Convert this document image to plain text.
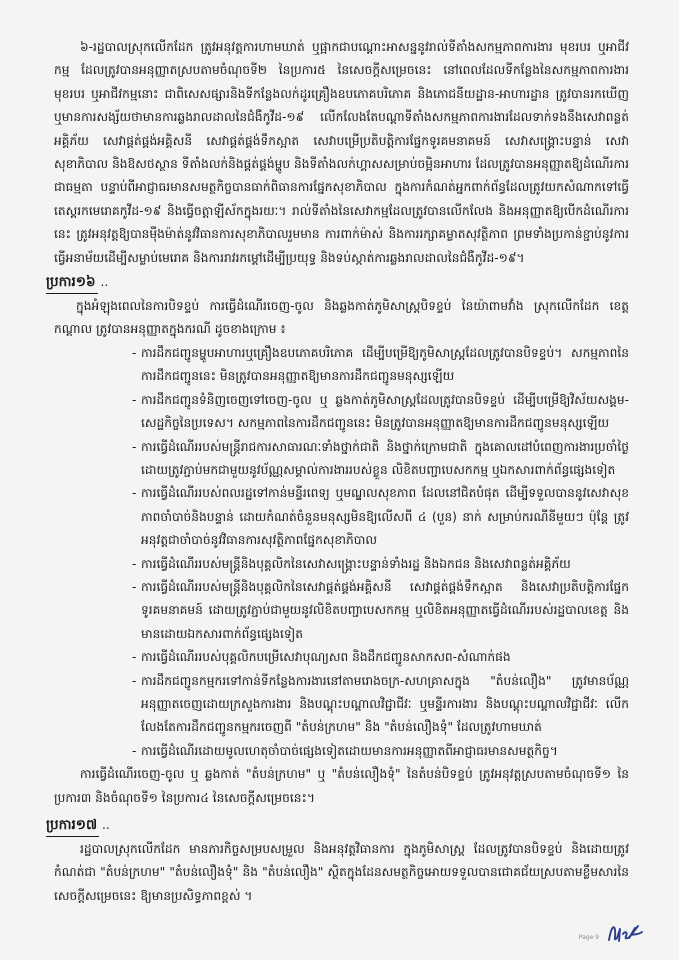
៦-រដ្ឋបាលស្រុកលើកដែក ត្រូវអនុវត្តការហាមឃាត់ ឬផ្អាកជាបណ្ដោះអាសន្ននូវរាល់ទីតាំងសកម្មភាពការងារ មុខរបរ ឬអាជីវកម្ម ដែលត្រូវបានអនុញ្ញាតស្របតាមចំណុចទី២ នៃប្រការ៥ នៃសេចក្ដីសម្រេចនេះ នៅពេលដែលទីកន្លែងនៃសកម្មភាពការងារ មុខរបរ ឬអាជីវកម្មនោះ ជាពិសេសផ្សារនិងទីកន្លែងលក់ដូរគ្រឿងឧបភោគបរិភោគ និងភោជនីយដ្ឋាន-អាហារដ្ឋាន ត្រូវបានរកឃើញ ឬមានការសង្ស័យថាមានការឆ្លងរាលដាលនៃជំងឺកូវីដ-១៩ លើកលែងតែបណ្ដាទីតាំងសកម្មភាពការងារដែលទាក់ទងនឹងសេវាពន្លត់អគ្គិភ័យ សេវាផ្គត់ផ្គង់អគ្គិសនី សេវាផ្គត់ផ្គង់ទឹកស្អាត សេវាបម្រើប្រតិបត្តិការផ្នែកទូរគមនាគមន៍ សេវាសង្គ្រោះបន្ទាន់ សេវាសុខាភិបាល និងឱសថស្ថាន ទីតាំងលក់និងផ្គត់ផ្គង់ម្ហូប និងទីតាំងលក់ហ្គាសសម្រាប់ចម្អិនអាហារ ដែលត្រូវបានអនុញ្ញាតឱ្យដំណើរការជាធម្មតា បន្ទាប់ពីអាជ្ញាធរមានសមត្ថកិច្ចបានធាក់ពិធានការផ្នែកសុខាភិបាល ក្នុងការកំណត់អ្នកពាក់ព័ន្ធដែលត្រូវយកសំណាកទៅធ្វើតេស្តរកមេរោគកូវីដ-១៩ និងធ្វើចត្តាឡីស័កក្នុងរយៈ។ រាល់ទីតាំងនៃសេវាកម្មដែលត្រូវបានលើកលែង និងអនុញ្ញាតឱ្យបើកដំណើរការនេះ ត្រូវអនុវត្តឱ្យបានម៉ឺងម៉ាត់នូវវិធានការសុខាភិបាលរួមមាន ការពាក់ម៉ាស់ និងការរក្សាគម្លាតសុវត្ថិភាព ព្រមទាំងប្រកាន់ខ្ជាប់នូវការធ្វើអនាម័យដើម្បីសម្លាប់មេរោគ និងការរាវរកម្ដៅដើម្បីប្រយុទ្ធ និងទប់ស្កាត់ការឆ្លងរាលដាលនៃជំងឺកូវីដ-១៩។

ប្រការ១៦ ..

ក្នុងអំឡុងពេលនៃការបិទខ្ទប់ ការធ្វើដំណើរចេញ-ចូល និងឆ្លងកាត់ភូមិសាស្ត្របិទខ្ទប់ នៃយ៉ាពាមវាំង ស្រុកលើកដែក ខេត្តកណ្ដាល ត្រូវបានអនុញ្ញាតក្នុងករណី ដូចខាងក្រោម ៖

- ការដឹកជញ្ជូនម្ហូបអាហារឬគ្រឿងឧបភោគបរិភោគ ដើម្បីបម្រើឱ្យភូមិសាស្ត្រដែលត្រូវបានបិទខ្ទប់។ សកម្មភាពនៃការដឹកជញ្ជូននេះ មិនត្រូវបានអនុញ្ញាតឱ្យមានការដឹកជញ្ជូនមនុស្សឡើយ
- ការដឹកជញ្ជូនទំនិញចេញទៅចេញ-ចូល ឬ ឆ្លងកាត់ភូមិសាស្ត្រដែលត្រូវបានបិទខ្ទប់ ដើម្បីបម្រើឱ្យវិស័យសង្គម-សេដ្ឋកិច្ចនៃប្រទេស។ សកម្មភាពនៃការដឹកជញ្ជូននេះ មិនត្រូវបានអនុញ្ញាតឱ្យមានការដឹកជញ្ជូនមនុស្សឡើយ
- ការធ្វើដំណើររបស់មន្ត្រីរាជការសាធារណៈទាំងថ្នាក់ជាតិ និងថ្នាក់ក្រោមជាតិ ក្នុងគោលដៅបំពេញការងារប្រចាំថ្ងៃ ដោយត្រូវភ្ជាប់មកជាមួយនូវប័ណ្ណសម្គាល់ការងាររបស់ខ្លួន លិខិតបញ្ជាបេសកកម្ម ឬឯកសារពាក់ព័ន្ធផ្សេងទៀត
- ការធ្វើដំណើររបស់ពលរដ្ឋទៅកាន់មន្ទីរពេទ្យ ឬមណ្ឌលសុខភាព ដែលនៅជិតបំផុត ដើម្បីទទួលបាននូវសេវាសុខភាពចាំបាច់និងបន្ទាន់ ដោយកំណត់ចំនួនមនុស្សមិនឱ្យលើសពី ៤ (បួន) នាក់ សម្រាប់ករណីនីមួយៗ ប៉ុន្តែ ត្រូវអនុវត្តជាចាំបាច់នូវវិធានការសុវត្ថិភាពផ្នែកសុខាភិបាល
- ការធ្វើដំណើររបស់មន្ត្រីនិងបុគ្គលិកនៃសេវាសង្គ្រោះបន្ទាន់ទាំងរដ្ឋ និងឯកជន និងសេវាពន្លត់អគ្គិភ័យ
- ការធ្វើដំណើររបស់មន្ត្រីនិងបុគ្គលិកនៃសេវាផ្គត់ផ្គង់អគ្គិសនី សេវាផ្គត់ផ្គង់ទឹកស្អាត និងសេវាប្រតិបត្តិការផ្នែកទូរគមនាគមន៍ ដោយត្រូវភ្ជាប់ជាមួយនូវលិខិតបញ្ជាបេសកកម្ម ឬលិខិតអនុញ្ញាតធ្វើដំណើររបស់រដ្ឋបាលខេត្ត និងមានដោយឯកសារពាក់ព័ន្ធផ្សេងទៀត
- ការធ្វើដំណើររបស់បុគ្គលិកបម្រើសេវាបុណ្យសព និងដឹកជញ្ជូនសាកសព-សំណាក់ផង
- ការដឹកជញ្ជូនកម្មករទៅកាន់ទីកន្លែងការងារនៅតាមរោងចក្រ-សហគ្រាសក្នុង "តំបន់លឿង" ត្រូវមានប័ណ្ណអនុញ្ញាតចេញដោយក្រសួងការងារ និងបណ្ដុះបណ្ដាលវិជ្ជាជីវៈ ឬមន្ទីរការងារ និងបណ្ដុះបណ្ដាលវិជ្ជាជីវៈ លើកលែងតែការដឹកជញ្ជូនកម្មករចេញពី "តំបន់ក្រហម" និង "តំបន់លឿងទុំ" ដែលត្រូវហាមឃាត់
- ការធ្វើដំណើរដោយមូលហេតុចាំបាច់ផ្សេងទៀតដោយមានការអនុញ្ញាតពីអាជ្ញាធរមានសមត្ថកិច្ច។

ការធ្វើដំណើរចេញ-ចូល ឬ ឆ្លងកាត់ "តំបន់ក្រហម" ឬ "តំបន់លឿងទុំ" នៃតំបន់បិទខ្ទប់ ត្រូវអនុវត្តស្របតាមចំណុចទី១ នៃប្រការ៣ និងចំណុចទី១ នៃប្រការ៤ នៃសេចក្ដីសម្រេចនេះ។

ប្រការ១៧ ..

រដ្ឋបាលស្រុកលើកដែក មានភារកិច្ចសម្របសម្រួល និងអនុវត្តវិធានការ ក្នុងភូមិសាស្ត្រ ដែលត្រូវបានបិទខ្ទប់ និងដោយត្រូវកំណត់ជា "តំបន់ក្រហម" "តំបន់លឿងទុំ" និង "តំបន់លឿង" ស្ថិតក្នុងដែនសមត្ថកិច្ចអោយទទួលបានជោគជ័យស្របតាមខ្លឹមសារនៃសេចក្ដីសម្រេចនេះ ឱ្យមានប្រសិទ្ធភាពខ្ពស់ ។

Page 9
